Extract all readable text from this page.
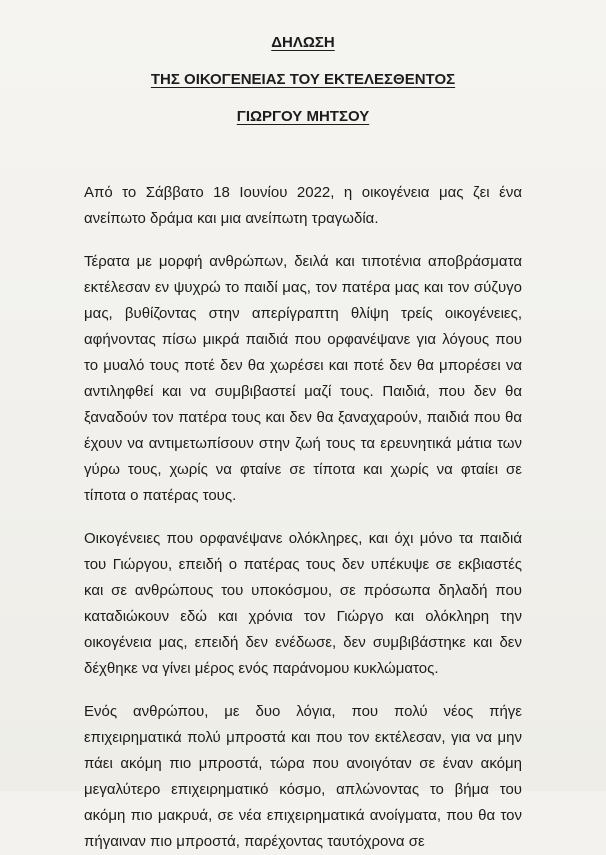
ΔΗΛΩΣΗ
ΤΗΣ ΟΙΚΟΓΕΝΕΙΑΣ ΤΟΥ ΕΚΤΕΛΕΣΘΕΝΤΟΣ
ΓΙΩΡΓΟΥ ΜΗΤΣΟΥ

Από το Σάββατο 18 Ιουνίου 2022, η οικογένεια μας ζει ένα ανείπωτο δράμα και μια ανείπωτη τραγωδία.

Τέρατα με μορφή ανθρώπων, δειλά και τιποτένια αποβράσματα εκτέλεσαν εν ψυχρώ το παιδί μας, τον πατέρα μας και τον σύζυγο μας, βυθίζοντας στην απερίγραπτη θλίψη τρείς οικογένειες, αφήνοντας πίσω μικρά παιδιά που ορφανέψανε για λόγους που το μυαλό τους ποτέ δεν θα χωρέσει και ποτέ δεν θα μπορέσει να αντιληφθεί και να συμβιβαστεί μαζί τους. Παιδιά, που δεν θα ξαναδούν τον πατέρα τους και δεν θα ξαναχαρούν, παιδιά που θα έχουν να αντιμετωπίσουν στην ζωή τους τα ερευνητικά μάτια των γύρω τους, χωρίς να φταίνε σε τίποτα και χωρίς να φταίει σε τίποτα ο πατέρας τους.

Οικογένειες που ορφανέψανε ολόκληρες, και όχι μόνο τα παιδιά του Γιώργου, επειδή ο πατέρας τους δεν υπέκυψε σε εκβιαστές και σε ανθρώπους του υποκόσμου, σε πρόσωπα δηλαδή που καταδιώκουν εδώ και χρόνια τον Γιώργο και ολόκληρη την οικογένεια μας, επειδή δεν ενέδωσε, δεν συμβιβάστηκε και δεν δέχθηκε να γίνει μέρος ενός παράνομου κυκλώματος.

Ενός ανθρώπου, με δυο λόγια, που πολύ νέος πήγε επιχειρηματικά πολύ μπροστά και που τον εκτέλεσαν, για να μην πάει ακόμη πιο μπροστά, τώρα που ανοιγόταν σε έναν ακόμη μεγαλύτερο επιχειρηματικό κόσμο, απλώνοντας το βήμα του ακόμη πιο μακρυά, σε νέα επιχειρηματικά ανοίγματα, που θα τον πήγαιναν πιο μπροστά, παρέχοντας ταυτόχρονα σε
